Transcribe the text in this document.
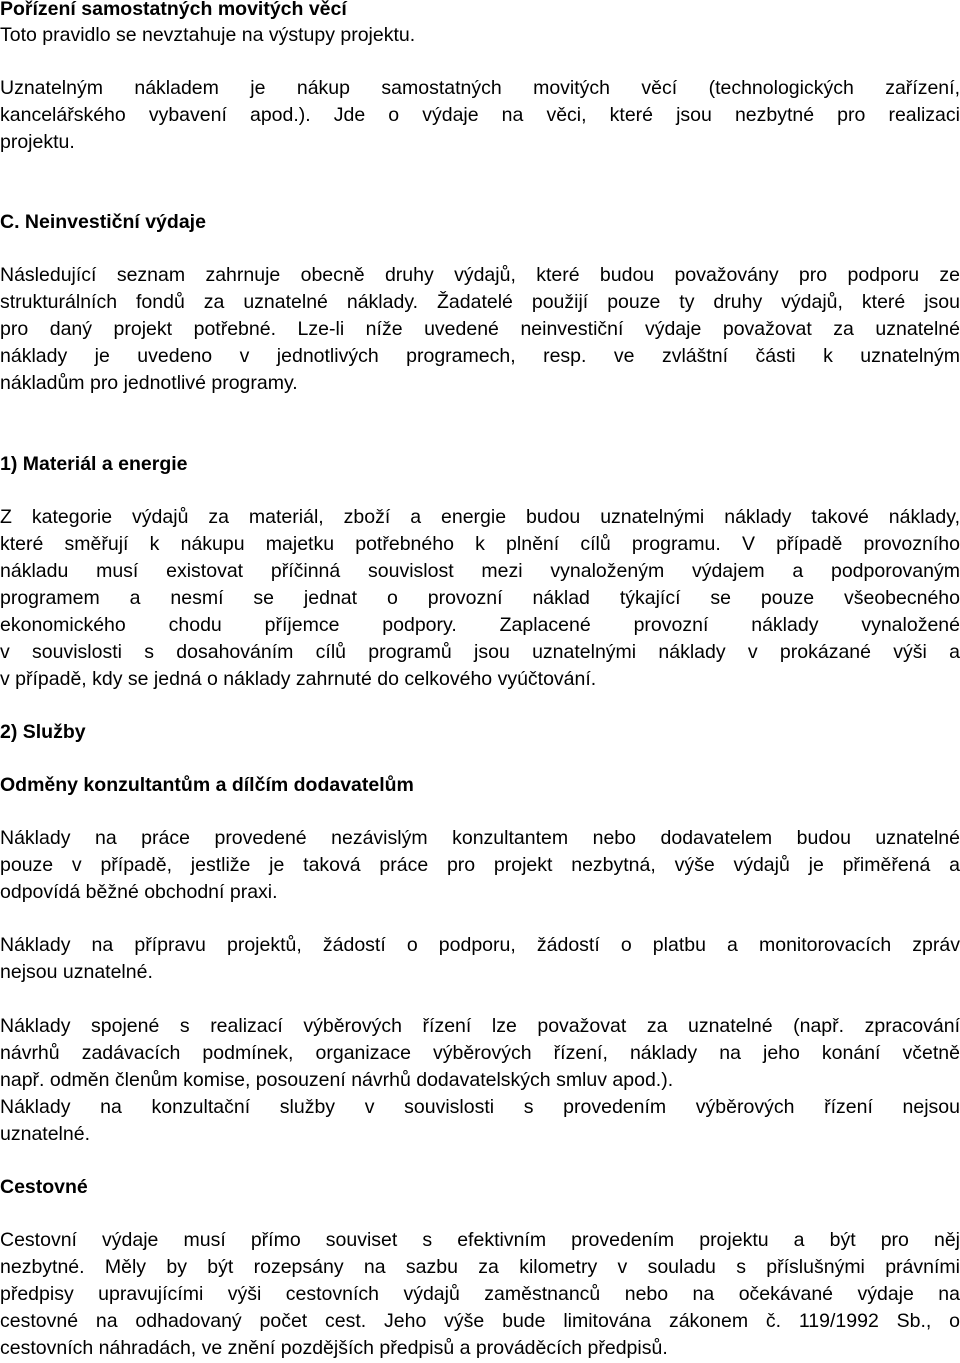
Pořízení samostatných movitých věcí
Toto pravidlo se nevztahuje na výstupy projektu.
Uznatelným nákladem je nákup samostatných movitých věcí (technologických zařízení,
kancelářského vybavení apod.). Jde o výdaje na věci, které jsou nezbytné pro realizaci
projektu.
C. Neinvestiční výdaje
Následující seznam zahrnuje obecně druhy výdajů, které budou považovány pro podporu ze
strukturálních fondů za uznatelné náklady. Žadatelé použijí pouze ty druhy výdajů, které jsou
pro daný projekt potřebné. Lze-li níže uvedené neinvestiční výdaje považovat za uznatelné
náklady je uvedeno v jednotlivých programech, resp. ve zvláštní části k uznatelným
nákladům pro jednotlivé programy.
1) Materiál a energie
Z kategorie výdajů za materiál, zboží a energie budou uznatelnými náklady takové náklady,
které směřují k nákupu majetku potřebného k plnění cílů programu. V případě provozního
nákladu musí existovat příčinná souvislost mezi vynaloženým výdajem a podporovaným
programem a nesmí se jednat o provozní náklad týkající se pouze všeobecného
ekonomického chodu příjemce podpory. Zaplacené provozní náklady vynaložené
v souvislosti s dosahováním cílů programů jsou uznatelnými náklady v prokázané výši a
v případě, kdy se jedná o náklady zahrnuté do celkového vyúčtování.
2) Služby
Odměny konzultantům a dílčím dodavatelům
Náklady na práce provedené nezávislým konzultantem nebo dodavatelem budou uznatelné
pouze v případě, jestliže je taková práce pro projekt nezbytná, výše výdajů je přiměřená a
odpovídá běžné obchodní praxi.
Náklady na přípravu projektů, žádostí o podporu, žádostí o platbu a monitorovacích zpráv
nejsou uznatelné.
Náklady spojené s realizací výběrových řízení lze považovat za uznatelné (např. zpracování
návrhů zadávacích podmínek, organizace výběrových řízení, náklady na jeho konání včetně
např. odměn členům komise, posouzení návrhů dodavatelských smluv apod.).
Náklady na konzultační služby v souvislosti s provedením výběrových řízení nejsou
uznatelné.
Cestovné
Cestovní výdaje musí přímo souviset s efektivním provedením projektu a být pro něj
nezbytné. Měly by být rozepsány na sazbu za kilometry v souladu s příslušnými právními
předpisy upravujícími výši cestovních výdajů zaměstnanců nebo na očekávané výdaje na
cestovné na odhadovaný počet cest. Jeho výše bude limitována zákonem č. 119/1992 Sb., o
cestovních náhradách, ve znění pozdějších předpisů a prováděcích předpisů.
